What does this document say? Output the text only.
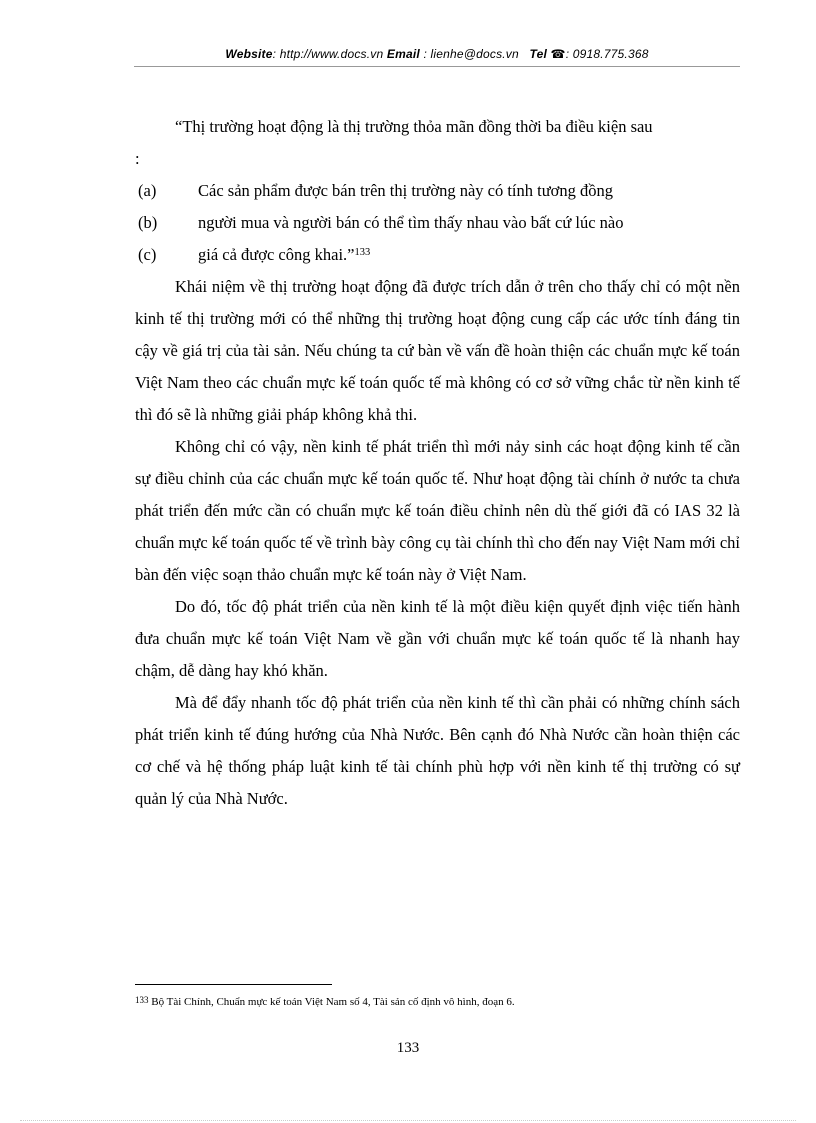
Website: http://www.docs.vn Email : lienhe@docs.vn Tel ☎: 0918.775.368

“Thị trường hoạt động là thị trường thỏa mãn đồng thời ba điều kiện sau

:

(a)	Các sản phẩm được bán trên thị trường này có tính tương đồng

(b)	người mua và người bán có thể tìm thấy nhau vào bất cứ lúc nào

(c)	giá cả được công khai.”$^{133}$

Khái niệm về thị trường hoạt động đã được trích dẫn ở trên cho thấy chỉ có một nền kinh tế thị trường mới có thể những thị trường hoạt động cung cấp các ước tính đáng tin cậy về giá trị của tài sản. Nếu chúng ta cứ bàn về vấn đề hoàn thiện các chuẩn mực kế toán Việt Nam theo các chuẩn mực kế toán quốc tế mà không có cơ sở vững chắc từ nền kinh tế thì đó sẽ là những giải pháp không khả thi.

Không chỉ có vậy, nền kinh tế phát triển thì mới nảy sinh các hoạt động kinh tế cần sự điều chỉnh của các chuẩn mực kế toán quốc tế. Như hoạt động tài chính ở nước ta chưa phát triển đến mức cần có chuẩn mực kế toán điều chỉnh nên dù thế giới đã có IAS 32 là chuẩn mực kế toán quốc tế về trình bày công cụ tài chính thì cho đến nay Việt Nam mới chỉ bàn đến việc soạn thảo chuẩn mực kế toán này ở Việt Nam.

Do đó, tốc độ phát triển của nền kinh tế là một điều kiện quyết định việc tiến hành đưa chuẩn mực kế toán Việt Nam về gần với chuẩn mực kế toán quốc tế là nhanh hay chậm, dễ dàng hay khó khăn.

Mà để đẩy nhanh tốc độ phát triển của nền kinh tế thì cần phải có những chính sách phát triển kinh tế đúng hướng của Nhà Nước. Bên cạnh đó Nhà Nước cần hoàn thiện các cơ chế và hệ thống pháp luật kinh tế tài chính phù hợp với nền kinh tế thị trường có sự quản lý của Nhà Nước.

133 Bộ Tài Chính, Chuẩn mực kế toán Việt Nam số 4, Tài sản cố định vô hình, đoạn 6.
133
